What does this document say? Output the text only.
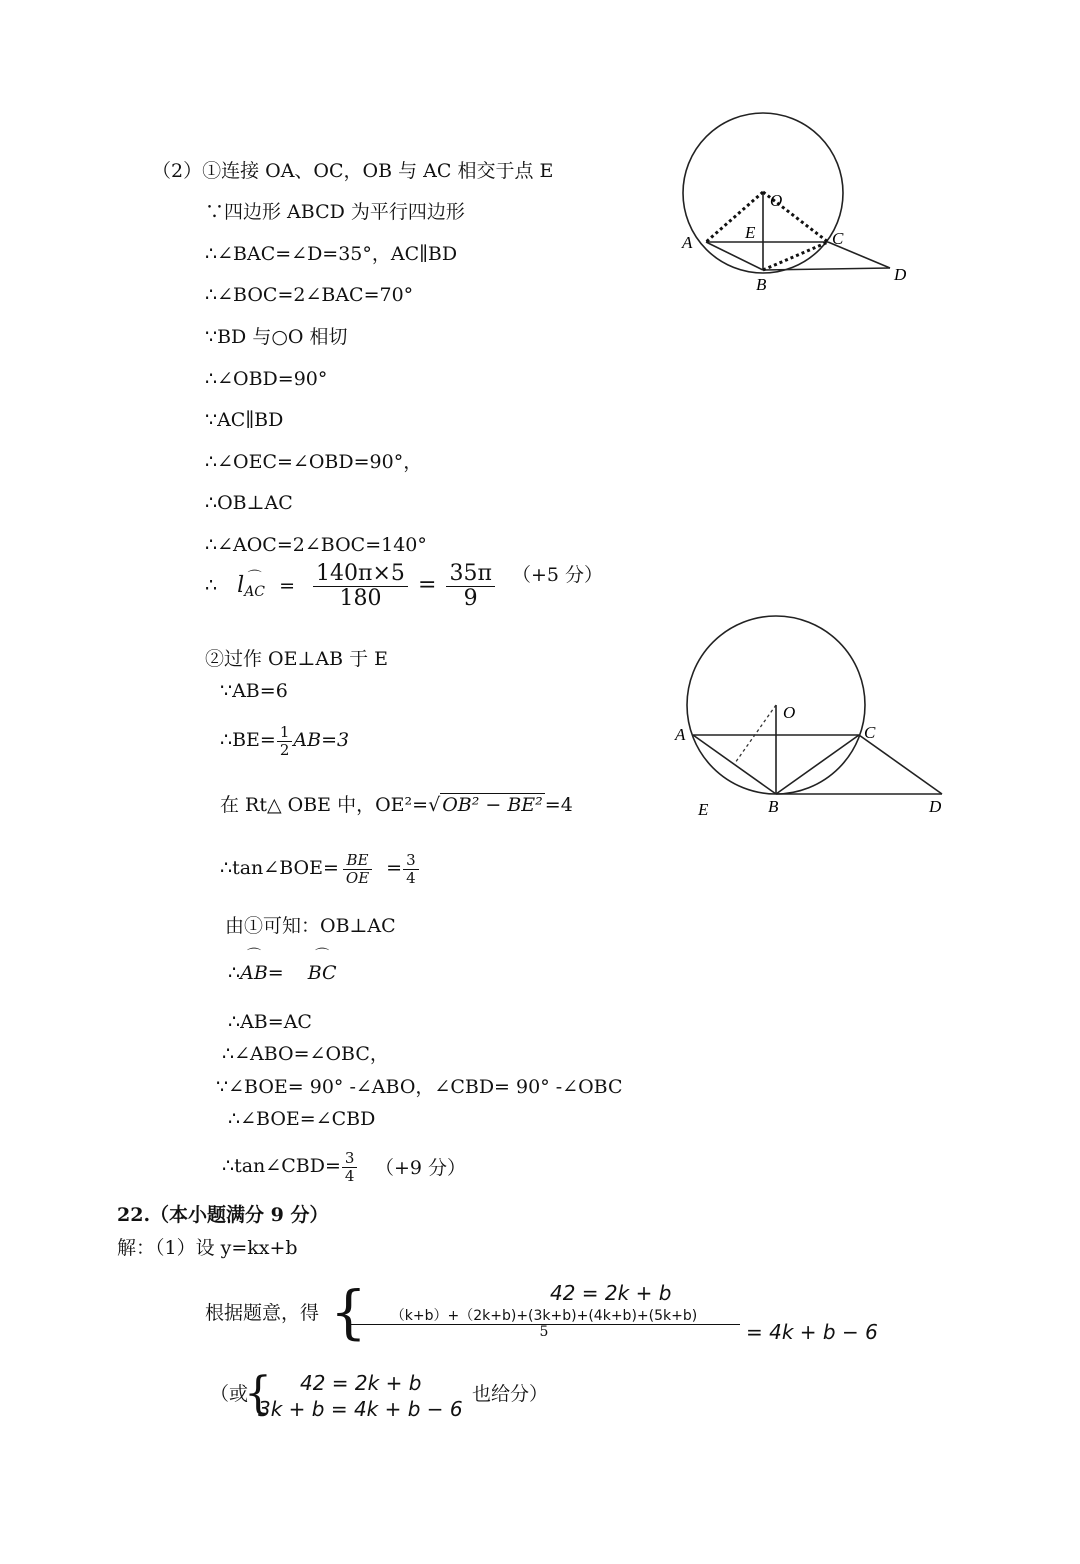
（2）①连接 OA、OC，OB 与 AC 相交于点 E
∵四边形 ABCD 为平行四边形
∴∠BAC=∠D=35°，AC∥BD
∴∠BOC=2∠BAC=70°
∵BD 与○O 相切
∴∠OBD=90°
∵AC∥BD
∴∠OEC=∠OBD=90°，
∴OB⊥AC
∴∠AOC=2∠BOC=140°
∴ l⌒ $_{AC} = \frac{140\pi\times 5}{180} = \frac{35\pi}{9} (+5$ 分）
O
E
A	C
B
D
②过作 OE⊥AB 于 E
∵AB=6
∴BE= $\frac{1}{2} AB=3$
在 Rt△ OBE 中，OE²=√ OB² − BE² =4
∴tan∠BOE= $\frac{BE}{OE} = \frac{3}{4}$
由①可知：OB⊥AC
∴⌒ AB=⌒ BC
∴AB=AC
∴∠ABO=∠OBC，
∵∠BOE= 90° -∠ABO，∠CBD= 90° -∠OBC
∴∠BOE=∠CBD
∴tan∠CBD= $\frac{3}{4} (+9$ 分）
O
A	C
E	B	D
22.（本小题满分 9 分）
解：（1）设 y=kx+b
根据题意，得 {	42 = 2k + b
$\frac{(k+b)+(2k+b)+(3k+b)+(4k+b)+(5k+b)}{5} = 4k + b - 6$
（或
{ 42 = 2k + b
3k + b = 4k + b − 6
也给分）
